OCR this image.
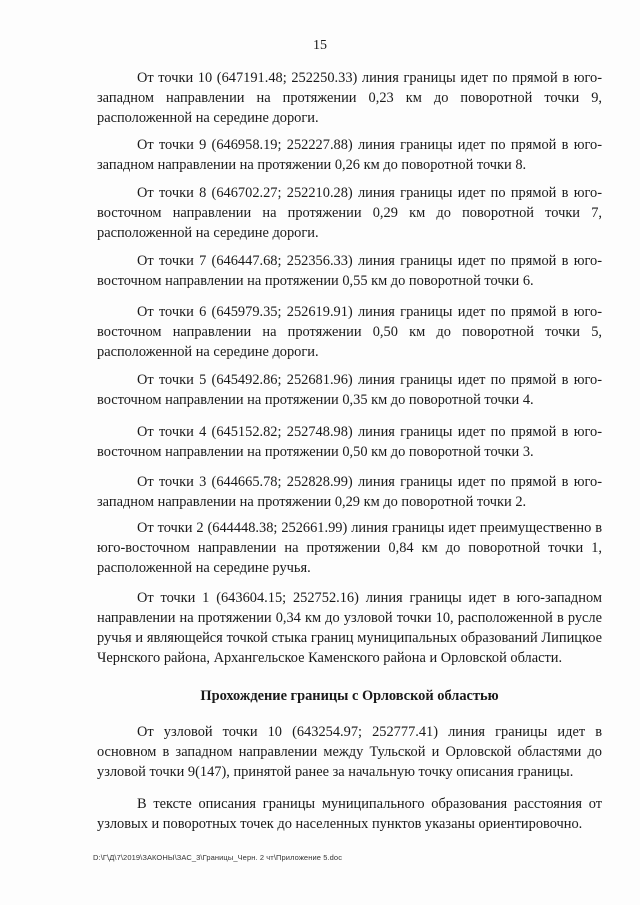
15

От точки 10 (647191.48; 252250.33) линия границы идет по прямой в юго-западном направлении на протяжении 0,23 км до поворотной точки 9, расположенной на середине дороги.

От точки 9 (646958.19; 252227.88) линия границы идет по прямой в юго-западном направлении на протяжении 0,26 км до поворотной точки 8.

От точки 8 (646702.27; 252210.28) линия границы идет по прямой в юго-восточном направлении на протяжении 0,29 км до поворотной точки 7, расположенной на середине дороги.

От точки 7 (646447.68; 252356.33) линия границы идет по прямой в юго-восточном направлении на протяжении 0,55 км до поворотной точки 6.

От точки 6 (645979.35; 252619.91) линия границы идет по прямой в юго-восточном направлении на протяжении 0,50 км до поворотной точки 5, расположенной на середине дороги.

От точки 5 (645492.86; 252681.96) линия границы идет по прямой в юго-восточном направлении на протяжении 0,35 км до поворотной точки 4.

От точки 4 (645152.82; 252748.98) линия границы идет по прямой в юго-восточном направлении на протяжении 0,50 км до поворотной точки 3.

От точки 3 (644665.78; 252828.99) линия границы идет по прямой в юго-западном направлении на протяжении 0,29 км до поворотной точки 2.

От точки 2 (644448.38; 252661.99) линия границы идет преимущественно в юго-восточном направлении на протяжении 0,84 км до поворотной точки 1, расположенной на середине ручья.

От точки 1 (643604.15; 252752.16) линия границы идет в юго-западном направлении на протяжении 0,34 км до узловой точки 10, расположенной в русле ручья и являющейся точкой стыка границ муниципальных образований Липицкое Чернского района, Архангельское Каменского района и Орловской области.

Прохождение границы с Орловской областью

От узловой точки 10 (643254.97; 252777.41) линия границы идет в основном в западном направлении между Тульской и Орловской областями до узловой точки 9(147), принятой ранее за начальную точку описания границы.

В тексте описания границы муниципального образования расстояния от узловых и поворотных точек до населенных пунктов указаны ориентировочно.

D:\Г\Д\7\2019\ЗАКОНЫ\ЗАС_3\Границы_Черн. 2 чт\Приложение 5.doc
